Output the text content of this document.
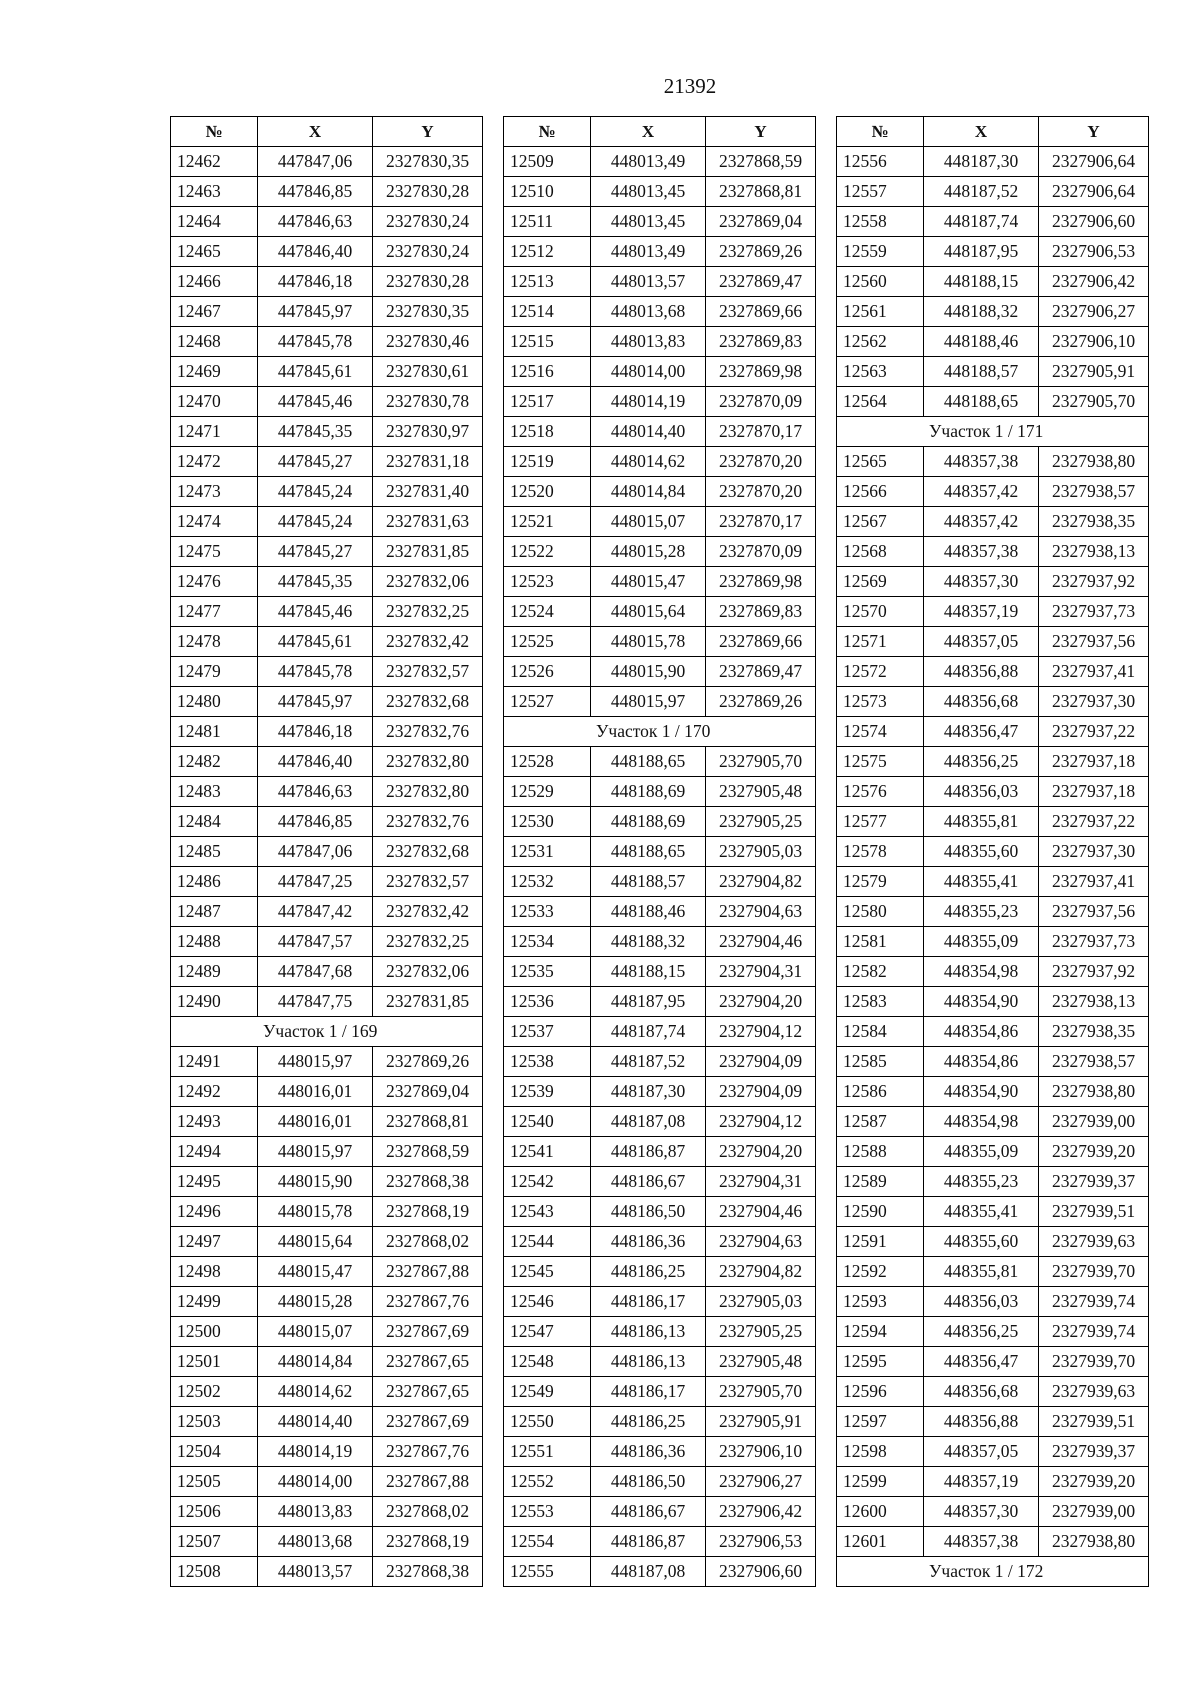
21392
№	X	Y
12462	447847,06	2327830,35
12463	447846,85	2327830,28
12464	447846,63	2327830,24
12465	447846,40	2327830,24
12466	447846,18	2327830,28
12467	447845,97	2327830,35
12468	447845,78	2327830,46
12469	447845,61	2327830,61
12470	447845,46	2327830,78
12471	447845,35	2327830,97
12472	447845,27	2327831,18
12473	447845,24	2327831,40
12474	447845,24	2327831,63
12475	447845,27	2327831,85
12476	447845,35	2327832,06
12477	447845,46	2327832,25
12478	447845,61	2327832,42
12479	447845,78	2327832,57
12480	447845,97	2327832,68
12481	447846,18	2327832,76
12482	447846,40	2327832,80
12483	447846,63	2327832,80
12484	447846,85	2327832,76
12485	447847,06	2327832,68
12486	447847,25	2327832,57
12487	447847,42	2327832,42
12488	447847,57	2327832,25
12489	447847,68	2327832,06
12490	447847,75	2327831,85
Участок 1 / 169		
12491	448015,97	2327869,26
12492	448016,01	2327869,04
12493	448016,01	2327868,81
12494	448015,97	2327868,59
12495	448015,90	2327868,38
12496	448015,78	2327868,19
12497	448015,64	2327868,02
12498	448015,47	2327867,88
12499	448015,28	2327867,76
12500	448015,07	2327867,69
12501	448014,84	2327867,65
12502	448014,62	2327867,65
12503	448014,40	2327867,69
12504	448014,19	2327867,76
12505	448014,00	2327867,88
12506	448013,83	2327868,02
12507	448013,68	2327868,19
12508	448013,57	2327868,38
№	X	Y
12509	448013,49	2327868,59
12510	448013,45	2327868,81
12511	448013,45	2327869,04
12512	448013,49	2327869,26
12513	448013,57	2327869,47
12514	448013,68	2327869,66
12515	448013,83	2327869,83
12516	448014,00	2327869,98
12517	448014,19	2327870,09
12518	448014,40	2327870,17
12519	448014,62	2327870,20
12520	448014,84	2327870,20
12521	448015,07	2327870,17
12522	448015,28	2327870,09
12523	448015,47	2327869,98
12524	448015,64	2327869,83
12525	448015,78	2327869,66
12526	448015,90	2327869,47
12527	448015,97	2327869,26
Участок 1 / 170		
12528	448188,65	2327905,70
12529	448188,69	2327905,48
12530	448188,69	2327905,25
12531	448188,65	2327905,03
12532	448188,57	2327904,82
12533	448188,46	2327904,63
12534	448188,32	2327904,46
12535	448188,15	2327904,31
12536	448187,95	2327904,20
12537	448187,74	2327904,12
12538	448187,52	2327904,09
12539	448187,30	2327904,09
12540	448187,08	2327904,12
12541	448186,87	2327904,20
12542	448186,67	2327904,31
12543	448186,50	2327904,46
12544	448186,36	2327904,63
12545	448186,25	2327904,82
12546	448186,17	2327905,03
12547	448186,13	2327905,25
12548	448186,13	2327905,48
12549	448186,17	2327905,70
12550	448186,25	2327905,91
12551	448186,36	2327906,10
12552	448186,50	2327906,27
12553	448186,67	2327906,42
12554	448186,87	2327906,53
12555	448187,08	2327906,60
№	X	Y
12556	448187,30	2327906,64
12557	448187,52	2327906,64
12558	448187,74	2327906,60
12559	448187,95	2327906,53
12560	448188,15	2327906,42
12561	448188,32	2327906,27
12562	448188,46	2327906,10
12563	448188,57	2327905,91
12564	448188,65	2327905,70
Участок 1 / 171		
12565	448357,38	2327938,80
12566	448357,42	2327938,57
12567	448357,42	2327938,35
12568	448357,38	2327938,13
12569	448357,30	2327937,92
12570	448357,19	2327937,73
12571	448357,05	2327937,56
12572	448356,88	2327937,41
12573	448356,68	2327937,30
12574	448356,47	2327937,22
12575	448356,25	2327937,18
12576	448356,03	2327937,18
12577	448355,81	2327937,22
12578	448355,60	2327937,30
12579	448355,41	2327937,41
12580	448355,23	2327937,56
12581	448355,09	2327937,73
12582	448354,98	2327937,92
12583	448354,90	2327938,13
12584	448354,86	2327938,35
12585	448354,86	2327938,57
12586	448354,90	2327938,80
12587	448354,98	2327939,00
12588	448355,09	2327939,20
12589	448355,23	2327939,37
12590	448355,41	2327939,51
12591	448355,60	2327939,63
12592	448355,81	2327939,70
12593	448356,03	2327939,74
12594	448356,25	2327939,74
12595	448356,47	2327939,70
12596	448356,68	2327939,63
12597	448356,88	2327939,51
12598	448357,05	2327939,37
12599	448357,19	2327939,20
12600	448357,30	2327939,00
12601	448357,38	2327938,80
Участок 1 / 172		
